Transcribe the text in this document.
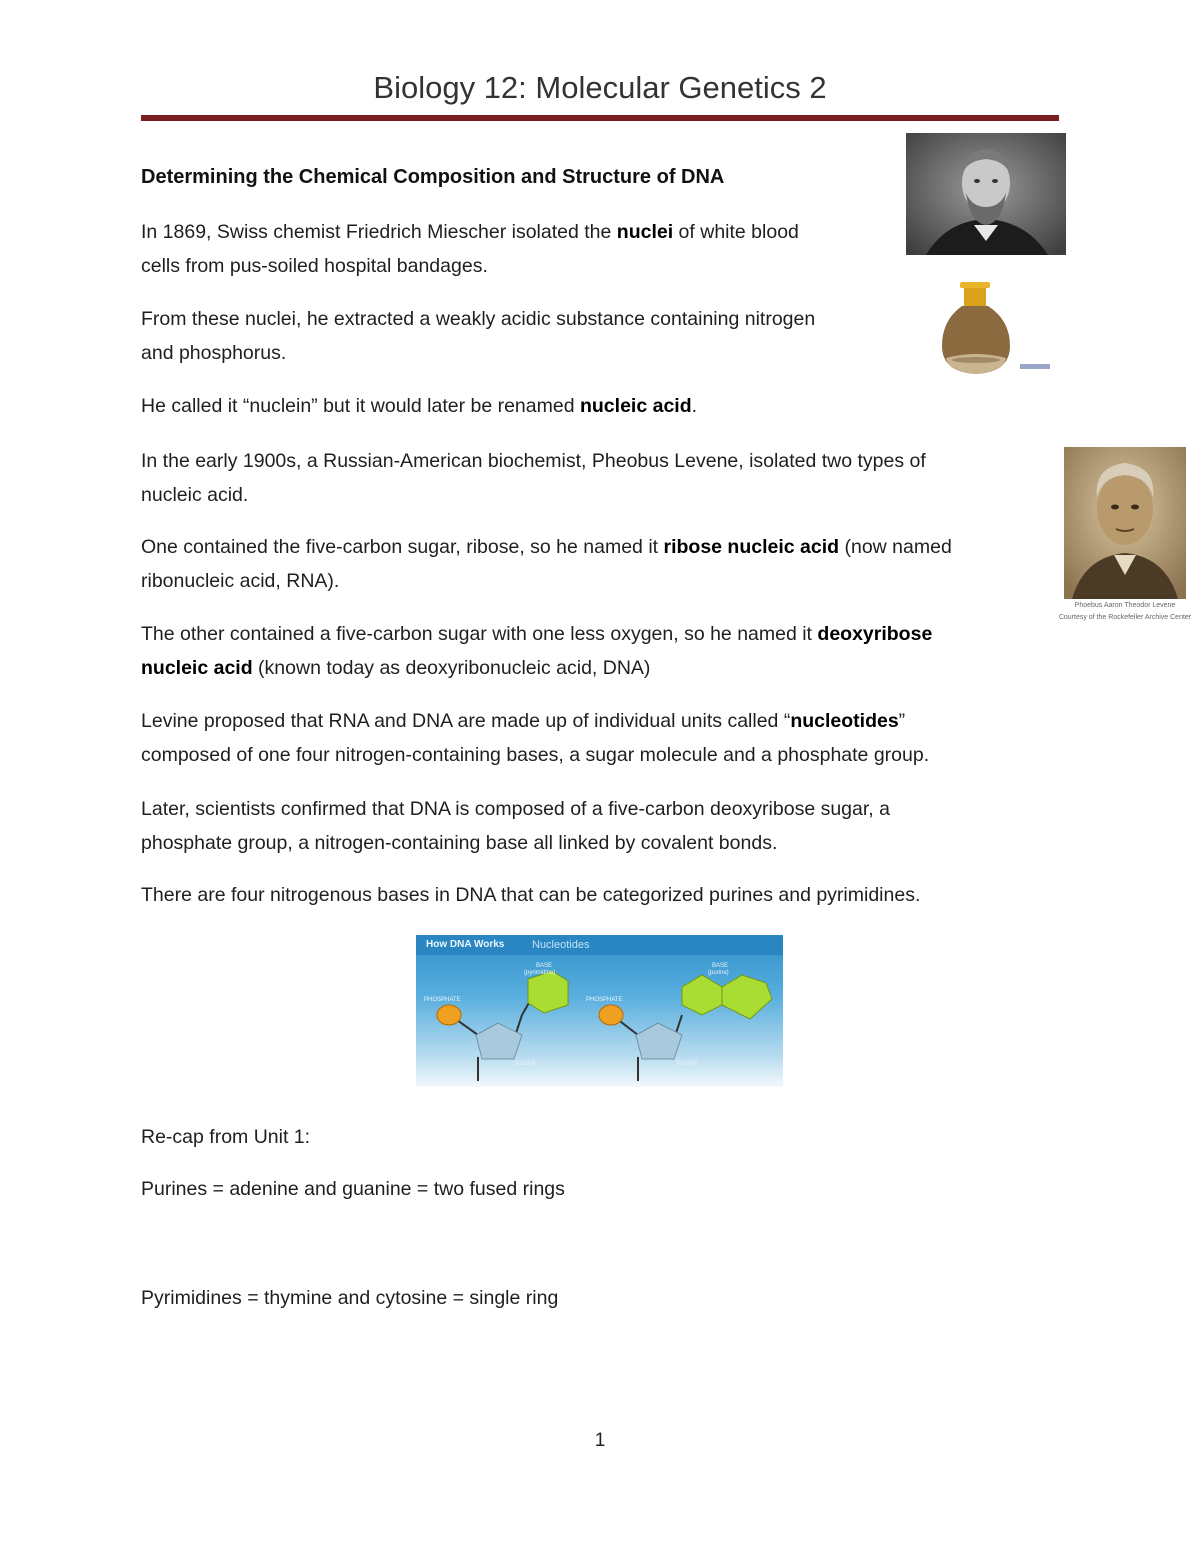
Biology 12: Molecular Genetics 2
Phoebus Aaron Theodor Levene
Courtesy of the Rockefeller Archive Center
Determining the Chemical Composition and Structure of DNA
In 1869, Swiss chemist Friedrich Miescher isolated the nuclei of white blood
cells from pus-soiled hospital bandages.
From these nuclei, he extracted a weakly acidic substance containing nitrogen
and phosphorus.
He called it “nuclein” but it would later be renamed nucleic acid.
In the early 1900s, a Russian-American biochemist, Pheobus Levene, isolated two types of
nucleic acid.
One contained the five-carbon sugar, ribose, so he named it ribose nucleic acid (now named
ribonucleic acid, RNA).
The other contained a five-carbon sugar with one less oxygen, so he named it deoxyribose
nucleic acid (known today as deoxyribonucleic acid, DNA)
Levine proposed that RNA and DNA are made up of individual units called “nucleotides”
composed of one four nitrogen-containing bases, a sugar molecule and a phosphate group.
Later, scientists confirmed that DNA is composed of a five-carbon deoxyribose sugar, a
phosphate group, a nitrogen-containing base all linked by covalent bonds.
There are four nitrogenous bases in DNA that can be categorized purines and pyrimidines.
How DNA Works	Nucleotides
PHOSPHATE
BASE
(pyrimidine)
SUGAR
PHOSPHATE
BASE
(purine)
SUGAR
Re-cap from Unit 1:
Purines = adenine and guanine = two fused rings
Pyrimidines = thymine and cytosine = single ring
1
